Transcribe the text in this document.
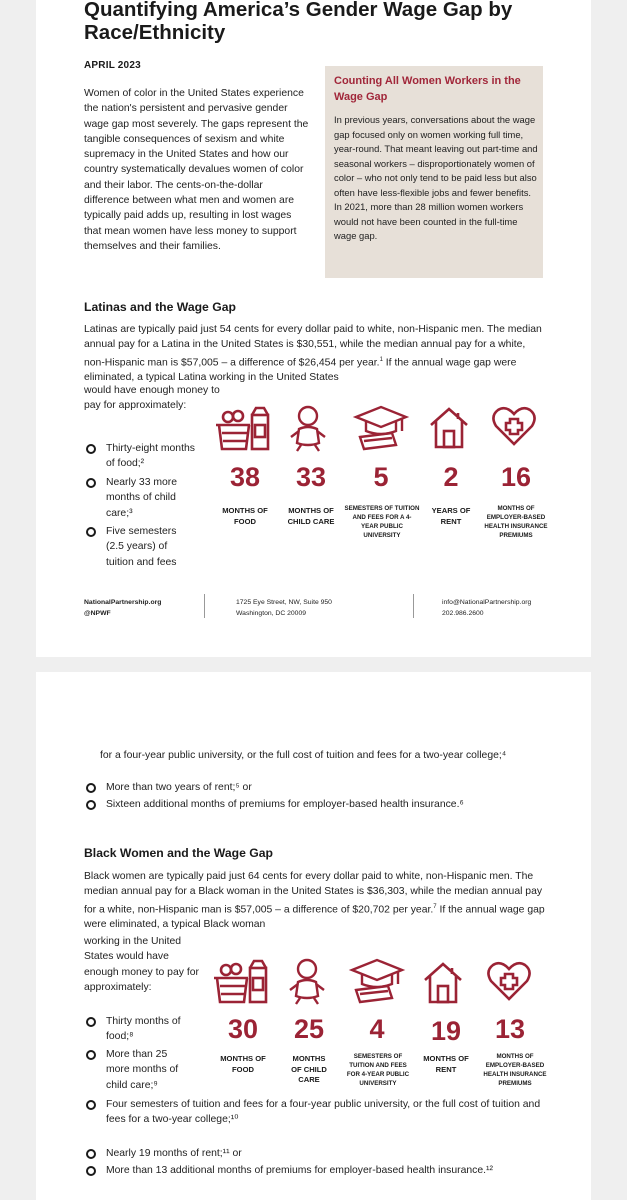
Quantifying America’s Gender Wage Gap by Race/Ethnicity
APRIL 2023
Women of color in the United States experience the nation's persistent and pervasive gender wage gap most severely. The gaps represent the tangible consequences of sexism and white supremacy in the United States and how our country systematically devalues women of color and their labor. The cents-on-the-dollar difference between what men and women are typically paid adds up, resulting in lost wages that mean women have less money to support themselves and their families.
Counting All Women Workers in the Wage Gap

In previous years, conversations about the wage gap focused only on women working full time, year-round. That meant leaving out part-time and seasonal workers – disproportionately women of color – who not only tend to be paid less but also often have less-flexible jobs and fewer benefits. In 2021, more than 28 million women workers would not have been counted in the full-time wage gap.

Latinas and the Wage Gap
Latinas are typically paid just 54 cents for every dollar paid to white, non-Hispanic men. The median annual pay for a Latina in the United States is $30,551, while the median annual pay for a white, non-Hispanic man is $57,005 – a difference of $26,454 per year.$^1$ If the annual wage gap were eliminated, a typical Latina working in the United States
would have enough money to pay for approximately:
Thirty-eight months of food;²
Nearly 33 more months of child care;³
Five semesters (2.5 years) of tuition and fees
38	33	5	2	16
MONTHS OF FOOD
MONTHS OF CHILD CARE
SEMESTERS OF TUITION AND FEES FOR A 4-YEAR PUBLIC UNIVERSITY
YEARS OF RENT
MONTHS OF EMPLOYER-BASED HEALTH INSURANCE PREMIUMS
NationalPartnership.org
@NPWF
1725 Eye Street, NW, Suite 950
Washington, DC 20009
info@NationalPartnership.org
202.986.2600
for a four-year public university, or the full cost of tuition and fees for a two-year college;⁴
More than two years of rent;⁵ or
Sixteen additional months of premiums for employer-based health insurance.⁶
Black Women and the Wage Gap
Black women are typically paid just 64 cents for every dollar paid to white, non-Hispanic men. The median annual pay for a Black woman in the United States is $36,303, while the median annual pay for a white, non-Hispanic man is $57,005 – a difference of $20,702 per year.$^7$ If the annual wage gap were eliminated, a typical Black woman
working in the United States would have enough money to pay for approximately:
Thirty months of food;⁸
More than 25 more months of child care;⁹
Four semesters of tuition and fees for a four-year public university, or the full cost of tuition and fees for a two-year college;¹⁰
Nearly 19 months of rent;¹¹ or
More than 13 additional months of premiums for employer-based health insurance.¹²
30	25	4	19	13
MONTHS OF FOOD
MONTHS OF CHILD CARE
SEMESTERS OF TUITION AND FEES FOR 4-YEAR PUBLIC UNIVERSITY
MONTHS OF RENT
MONTHS OF EMPLOYER-BASED HEALTH INSURANCE PREMIUMS
